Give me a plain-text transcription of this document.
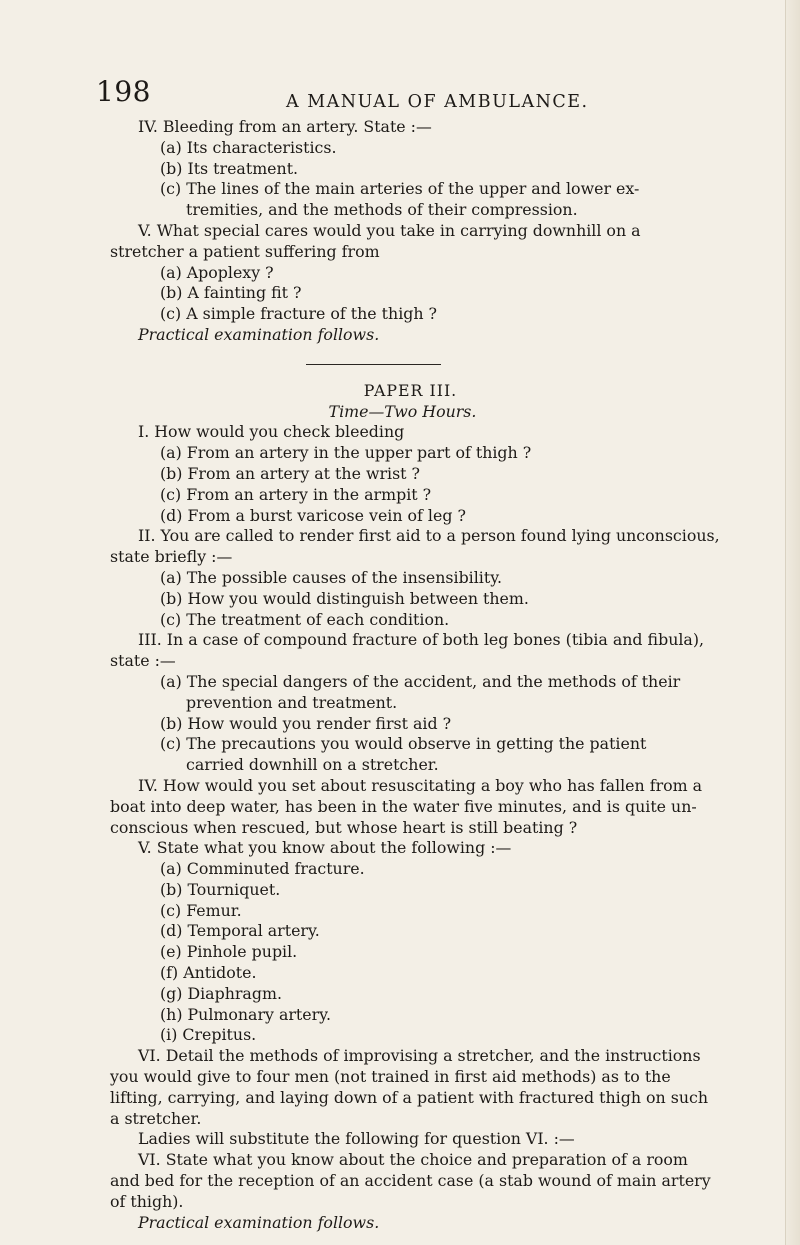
198	A MANUAL OF AMBULANCE.
IV. Bleeding from an artery. State :—
(a) Its characteristics.
(b) Its treatment.
(c) The lines of the main arteries of the upper and lower ex-
tremities, and the methods of their compression.
V. What special cares would you take in carrying downhill on a
stretcher a patient suffering from
(a) Apoplexy ?
(b) A fainting fit ?
(c) A simple fracture of the thigh ?
Practical examination follows.
PAPER III.
Time—Two Hours.
I. How would you check bleeding
(a) From an artery in the upper part of thigh ?
(b) From an artery at the wrist ?
(c) From an artery in the armpit ?
(d) From a burst varicose vein of leg ?
II. You are called to render first aid to a person found lying unconscious,
state briefly :—
(a) The possible causes of the insensibility.
(b) How you would distinguish between them.
(c) The treatment of each condition.
III. In a case of compound fracture of both leg bones (tibia and fibula),
state :—
(a) The special dangers of the accident, and the methods of their
prevention and treatment.
(b) How would you render first aid ?
(c) The precautions you would observe in getting the patient
carried downhill on a stretcher.
IV. How would you set about resuscitating a boy who has fallen from a
boat into deep water, has been in the water five minutes, and is quite un-
conscious when rescued, but whose heart is still beating ?
V. State what you know about the following :—
(a) Comminuted fracture.
(b) Tourniquet.
(c) Femur.
(d) Temporal artery.
(e) Pinhole pupil.
(f) Antidote.
(g) Diaphragm.
(h) Pulmonary artery.
(i) Crepitus.
VI. Detail the methods of improvising a stretcher, and the instructions
you would give to four men (not trained in first aid methods) as to the
lifting, carrying, and laying down of a patient with fractured thigh on such
a stretcher.
Ladies will substitute the following for question VI. :—
VI. State what you know about the choice and preparation of a room
and bed for the reception of an accident case (a stab wound of main artery
of thigh).
Practical examination follows.
